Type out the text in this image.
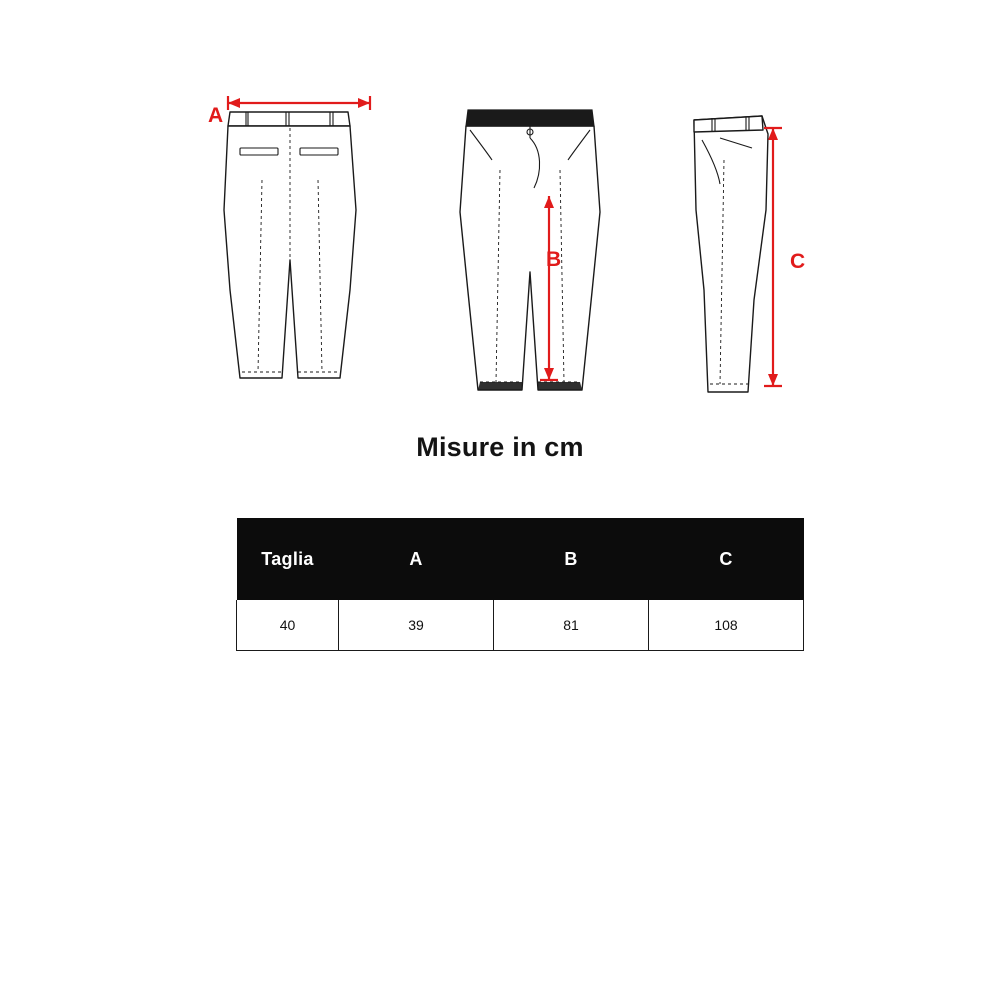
A
B	C
Misure in cm
Taglia	A	B	C
40	39	81	108
